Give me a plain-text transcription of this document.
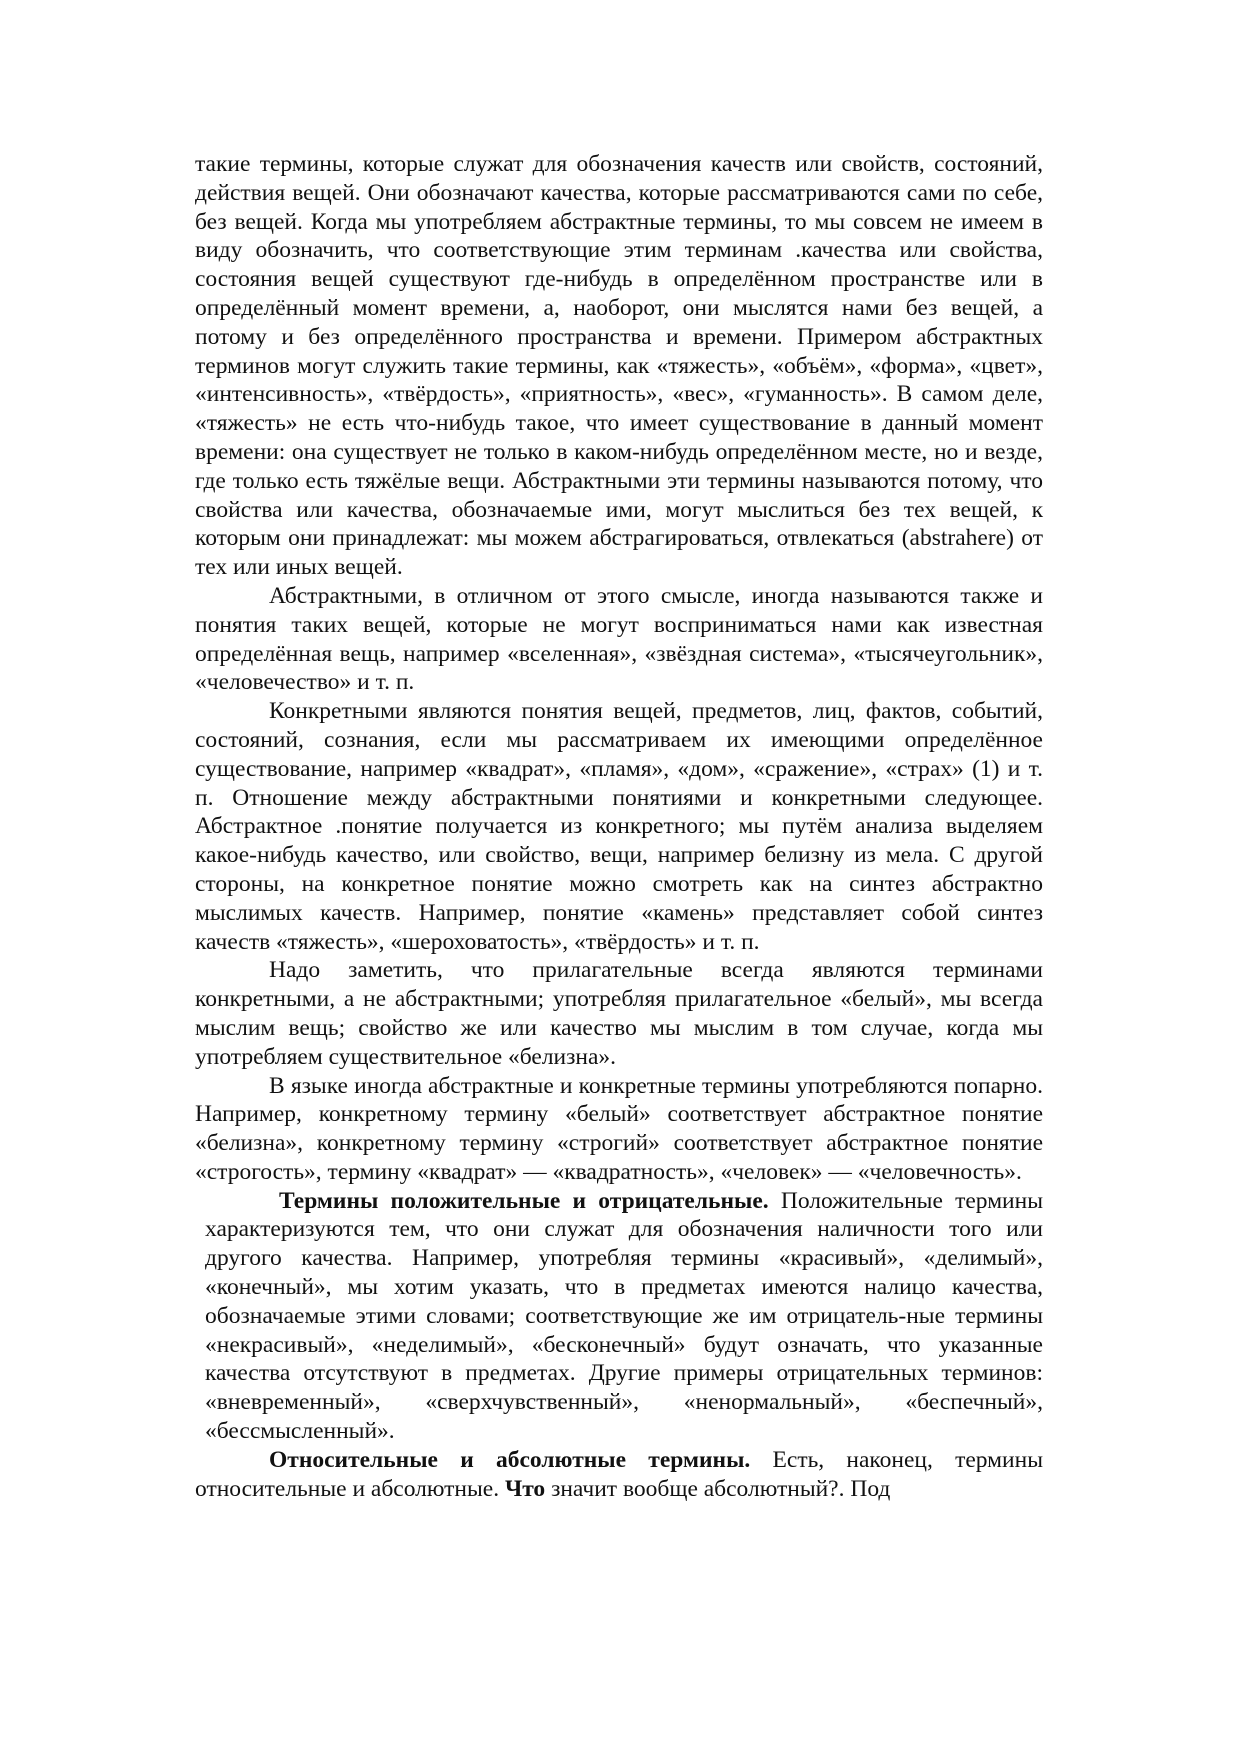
такие термины, которые служат для обозначения качеств или свойств, состояний, действия вещей. Они обозначают качества, которые рассматриваются сами по себе, без вещей. Когда мы употребляем абстрактные термины, то мы совсем не имеем в виду обозначить, что соответствующие этим терминам .качества или свойства, состояния вещей существуют где-нибудь в определённом пространстве или в определённый момент времени, а, наоборот, они мыслятся нами без вещей, а потому и без определённого пространства и времени. Примером абстрактных терминов могут служить такие термины, как «тяжесть», «объём», «форма», «цвет», «интенсивность», «твёрдость», «приятность», «вес», «гуманность». В самом деле, «тяжесть» не есть что-нибудь такое, что имеет существование в данный момент времени: она существует не только в каком-нибудь определённом месте, но и везде, где только есть тяжёлые вещи. Абстрактными эти термины называются потому, что свойства или качества, обозначаемые ими, могут мыслиться без тех вещей, к которым они принадлежат: мы можем абстрагироваться, отвлекаться (abstrahere) от тех или иных вещей.

Абстрактными, в отличном от этого смысле, иногда называются также и понятия таких вещей, которые не могут восприниматься нами как известная определённая вещь, например «вселенная», «звёздная система», «тысячеугольник», «человечество» и т. п.

Конкретными являются понятия вещей, предметов, лиц, фактов, событий, состояний, сознания, если мы рассматриваем их имеющими определённое существование, например «квадрат», «пламя», «дом», «сражение», «страх» (1) и т. п. Отношение между абстрактными понятиями и конкретными следующее. Абстрактное .понятие получается из конкретного; мы путём анализа выделяем какое-нибудь качество, или свойство, вещи, например белизну из мела. С другой стороны, на конкретное понятие можно смотреть как на синтез абстрактно мыслимых качеств. Например, понятие «камень» представляет собой синтез качеств «тяжесть», «шероховатость», «твёрдость» и т. п.

Надо заметить, что прилагательные всегда являются терминами конкретными, а не абстрактными; употребляя прилагательное «белый», мы всегда мыслим вещь; свойство же или качество мы мыслим в том случае, когда мы употребляем существительное «белизна».

В языке иногда абстрактные и конкретные термины употребляются попарно. Например, конкретному термину «белый» соответствует абстрактное понятие «белизна», конкретному термину «строгий» соответствует абстрактное понятие «строгость», термину «квадрат» — «квадратность», «человек» — «человечность».

Термины положительные и отрицательные. Положительные термины характеризуются тем, что они служат для обозначения наличности того или другого качества. Например, употребляя термины «красивый», «делимый», «конечный», мы хотим указать, что в предметах имеются налицо качества, обозначаемые этими словами; соответствующие же им отрицатель-ные термины «некрасивый», «неделимый», «бесконечный» будут означать, что указанные качества отсутствуют в предметах. Другие примеры отрицательных терминов: «вневременный», «сверхчувственный», «ненормальный», «беспечный», «бессмысленный».

Относительные и абсолютные термины. Есть, наконец, термины относительные и абсолютные. Что значит вообще абсолютный?. Под
